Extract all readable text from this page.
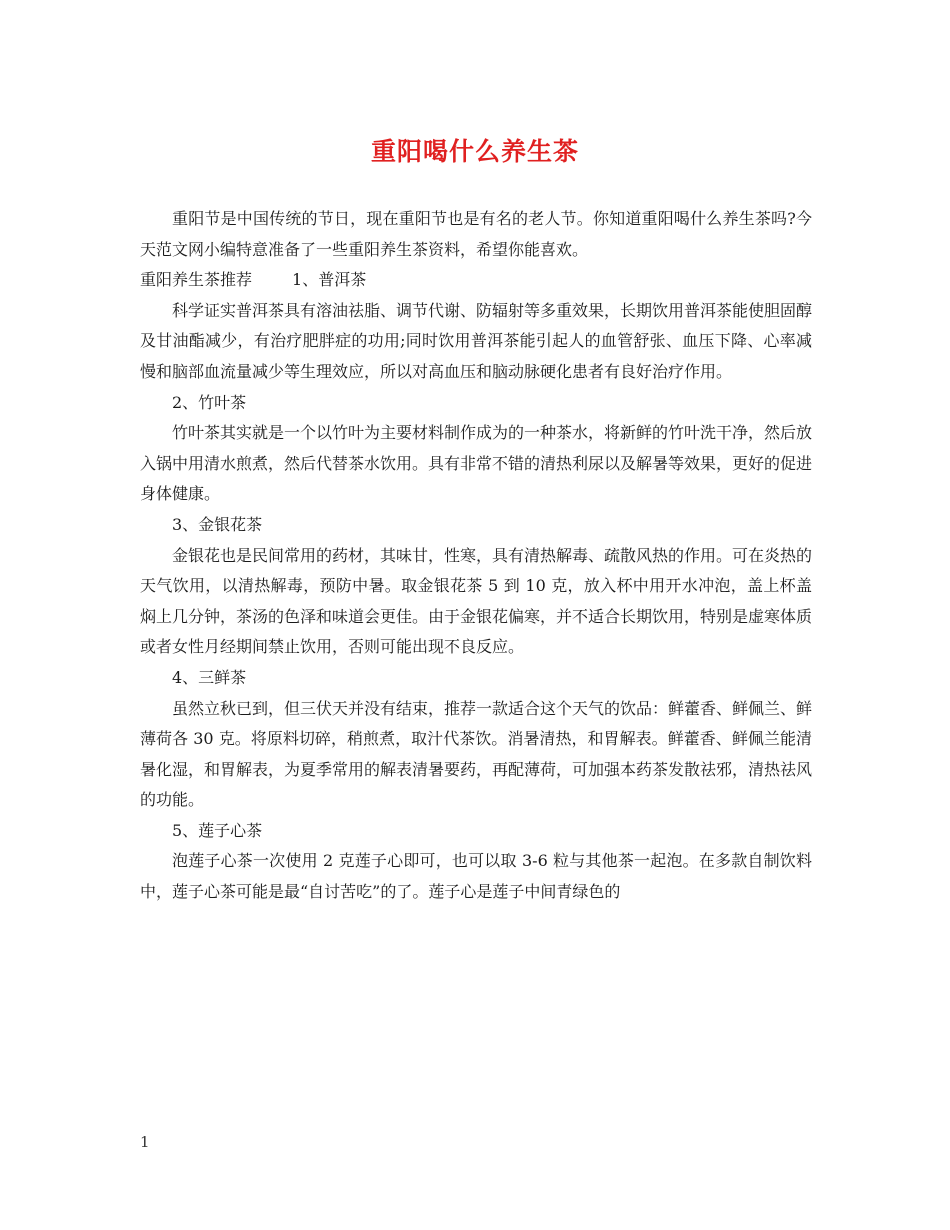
重阳喝什么养生茶

重阳节是中国传统的节日，现在重阳节也是有名的老人节。你知道重阳喝什么养生茶吗?今天范文网小编特意准备了一些重阳养生茶资料，希望你能喜欢。

重阳养生茶推荐	1、普洱茶

科学证实普洱茶具有溶油祛脂、调节代谢、防辐射等多重效果，长期饮用普洱茶能使胆固醇及甘油酯减少，有治疗肥胖症的功用;同时饮用普洱茶能引起人的血管舒张、血压下降、心率减慢和脑部血流量减少等生理效应，所以对高血压和脑动脉硬化患者有良好治疗作用。

2、竹叶茶

竹叶茶其实就是一个以竹叶为主要材料制作成为的一种茶水，将新鲜的竹叶洗干净，然后放入锅中用清水煎煮，然后代替茶水饮用。具有非常不错的清热利尿以及解暑等效果，更好的促进身体健康。

3、金银花茶

金银花也是民间常用的药材，其味甘，性寒，具有清热解毒、疏散风热的作用。可在炎热的天气饮用，以清热解毒，预防中暑。取金银花茶 5 到 10 克，放入杯中用开水冲泡，盖上杯盖焖上几分钟，茶汤的色泽和味道会更佳。由于金银花偏寒，并不适合长期饮用，特别是虚寒体质或者女性月经期间禁止饮用，否则可能出现不良反应。

4、三鲜茶

虽然立秋已到，但三伏天并没有结束，推荐一款适合这个天气的饮品：鲜藿香、鲜佩兰、鲜薄荷各 30 克。将原料切碎，稍煎煮，取汁代茶饮。消暑清热，和胃解表。鲜藿香、鲜佩兰能清暑化湿，和胃解表，为夏季常用的解表清暑要药，再配薄荷，可加强本药茶发散祛邪，清热祛风的功能。

5、莲子心茶

泡莲子心茶一次使用 2 克莲子心即可，也可以取 3-6 粒与其他茶一起泡。在多款自制饮料中，莲子心茶可能是最“自讨苦吃”的了。莲子心是莲子中间青绿色的

1
